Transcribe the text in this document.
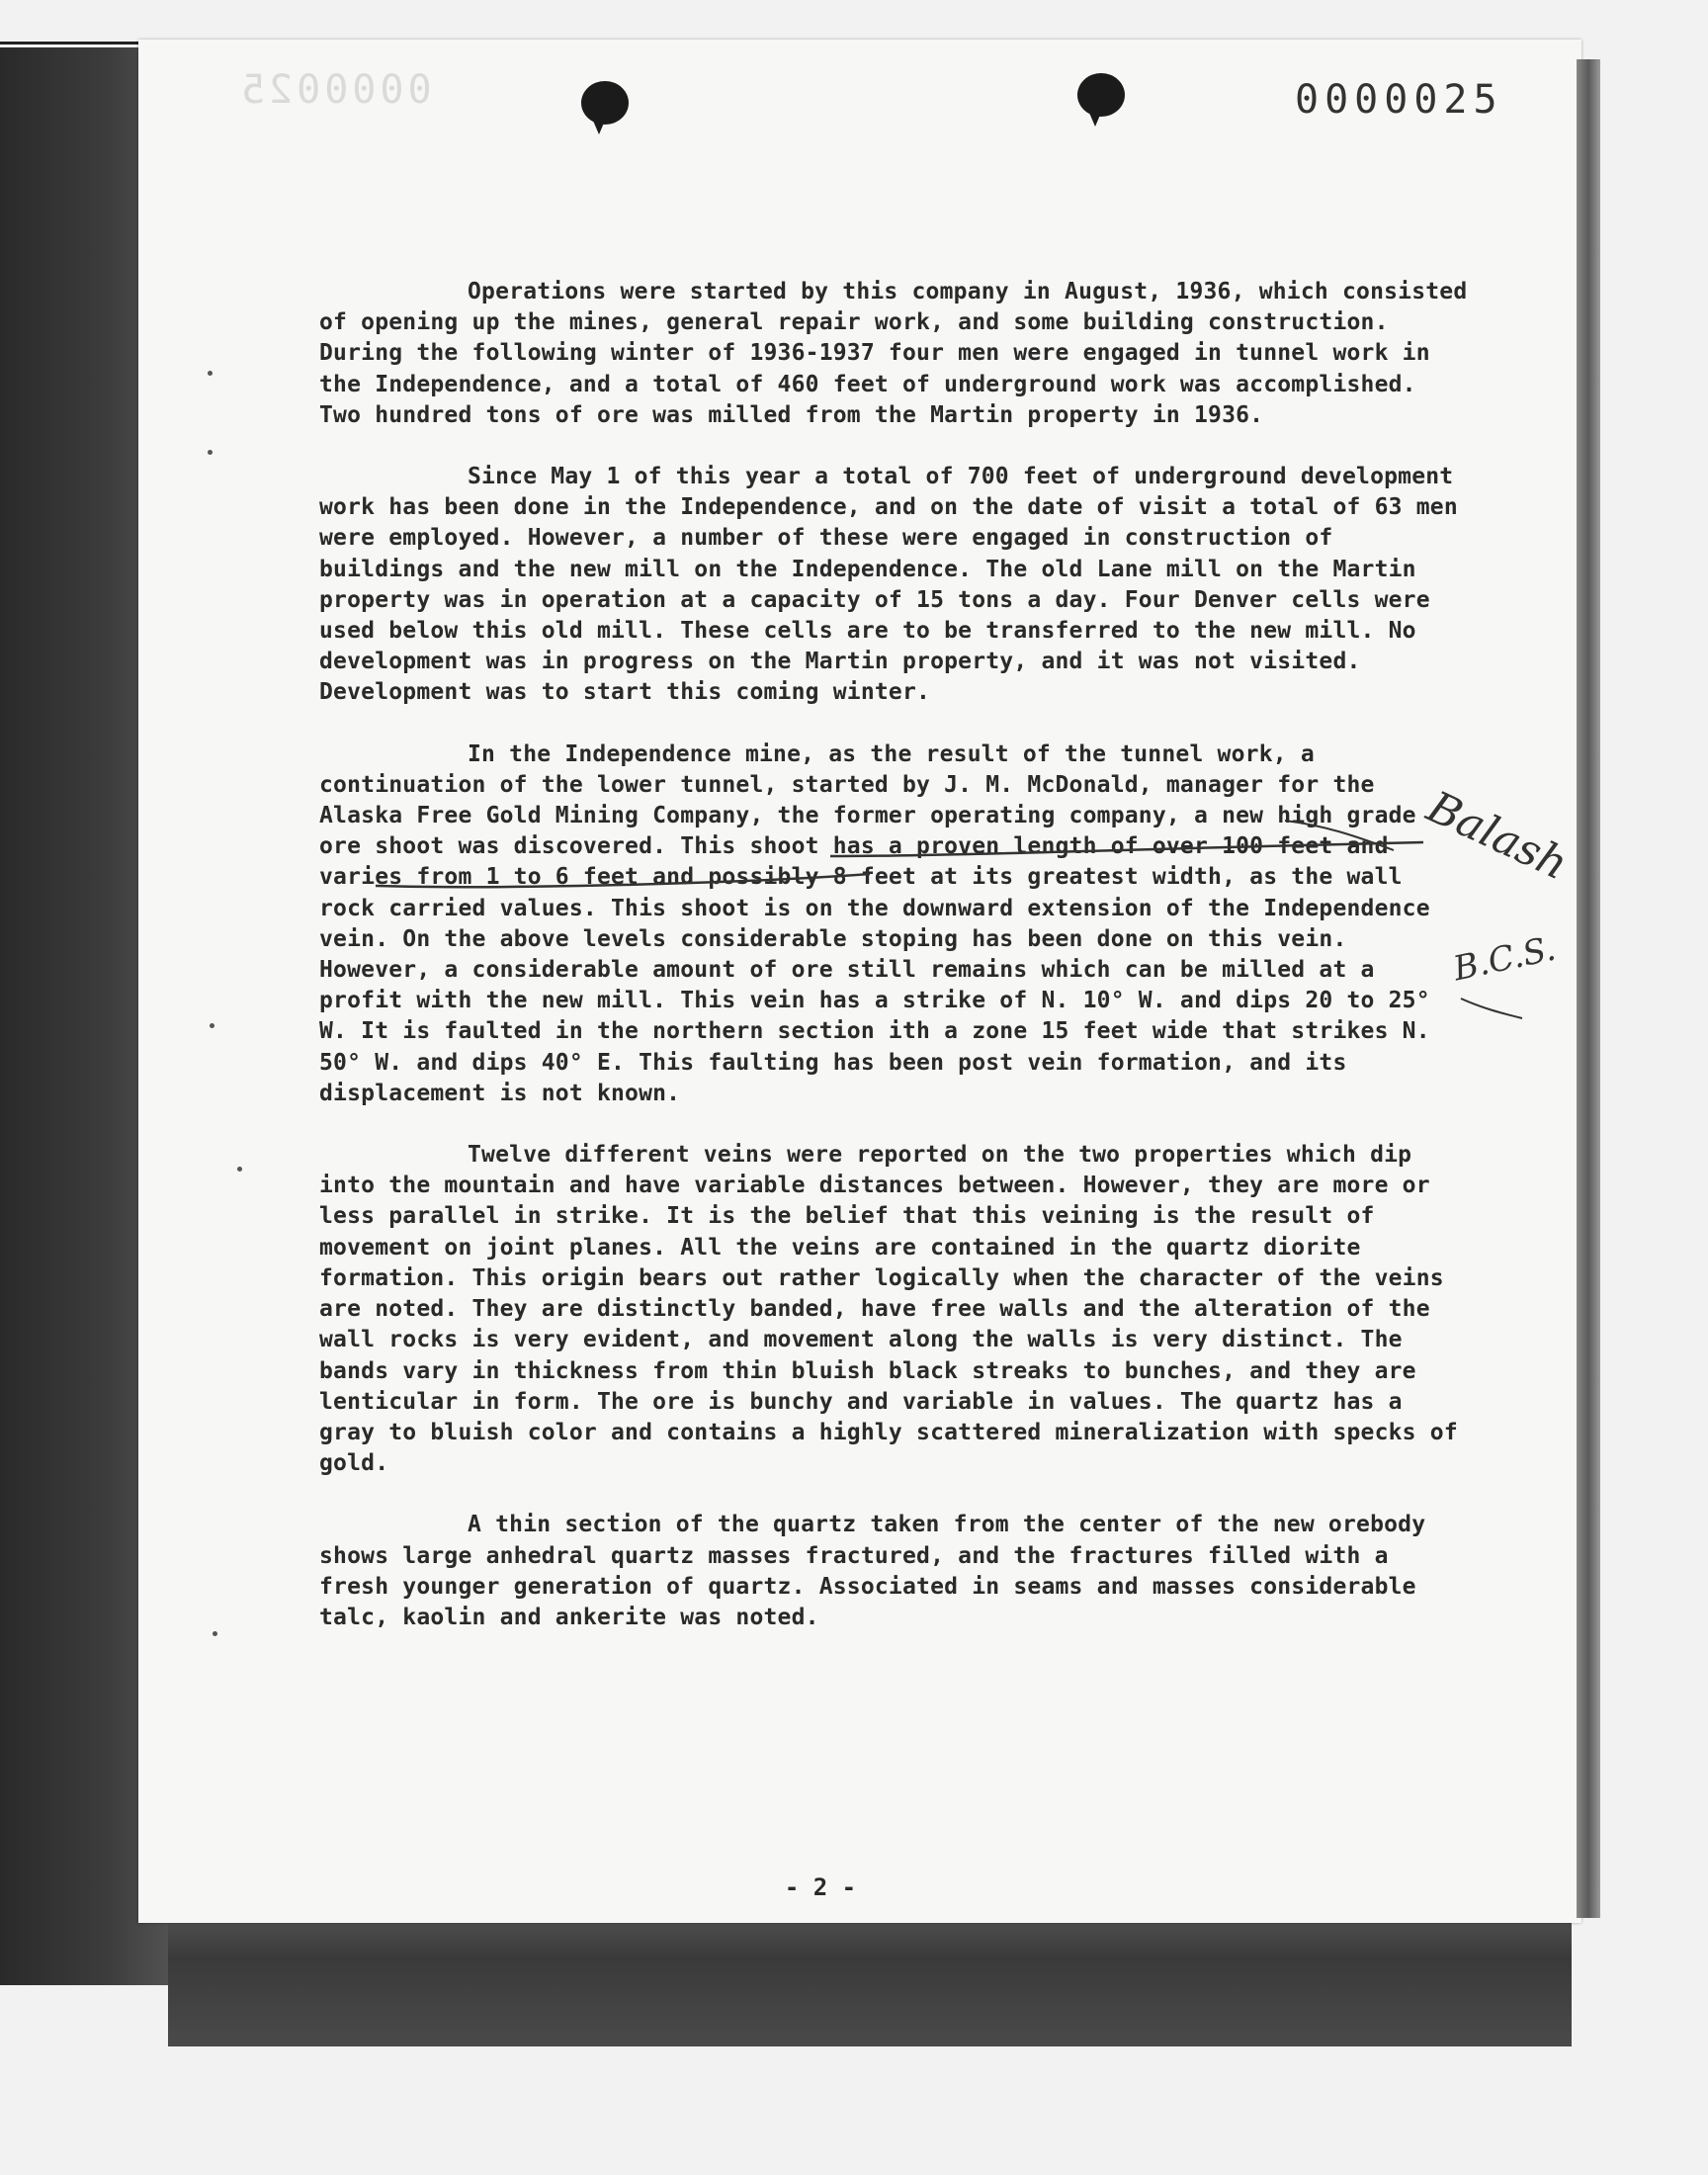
0000025	0000025

Operations were started by this company in August, 1936, which consisted of opening up the mines, general repair work, and some building construction. During the following winter of 1936-1937 four men were engaged in tunnel work in the Independence, and a total of 460 feet of underground work was accomplished. Two hundred tons of ore was milled from the Martin property in 1936.

Since May 1 of this year a total of 700 feet of underground development work has been done in the Independence, and on the date of visit a total of 63 men were employed. However, a number of these were engaged in construction of buildings and the new mill on the Independence. The old Lane mill on the Martin property was in operation at a capacity of 15 tons a day. Four Denver cells were used below this old mill. These cells are to be transferred to the new mill. No development was in progress on the Martin property, and it was not visited. Development was to start this coming winter.

In the Independence mine, as the result of the tunnel work, a continuation of the lower tunnel, started by J. M. McDonald, manager for the Alaska Free Gold Mining Company, the former operating company, a new high grade ore shoot was discovered. This shoot has a proven length of over 100 feet and varies from 1 to 6 feet and possibly 8 feet at its greatest width, as the wall rock carried values. This shoot is on the downward extension of the Independence vein. On the above levels considerable stoping has been done on this vein. However, a considerable amount of ore still remains which can be milled at a profit with the new mill. This vein has a strike of N. 10° W. and dips 20 to 25° W. It is faulted in the northern section ith a zone 15 feet wide that strikes N. 50° W. and dips 40° E. This faulting has been post vein formation, and its displacement is not known.

Twelve different veins were reported on the two properties which dip into the mountain and have variable distances between. However, they are more or less parallel in strike. It is the belief that this veining is the result of movement on joint planes. All the veins are contained in the quartz diorite formation. This origin bears out rather logically when the character of the veins are noted. They are distinctly banded, have free walls and the alteration of the wall rocks is very evident, and movement along the walls is very distinct. The bands vary in thickness from thin bluish black streaks to bunches, and they are lenticular in form. The ore is bunchy and variable in values. The quartz has a gray to bluish color and contains a highly scattered mineralization with specks of gold.

A thin section of the quartz taken from the center of the new orebody shows large anhedral quartz masses fractured, and the fractures filled with a fresh younger generation of quartz. Associated in seams and masses considerable talc, kaolin and ankerite was noted.

Balash
B.C.S.
- 2 -
